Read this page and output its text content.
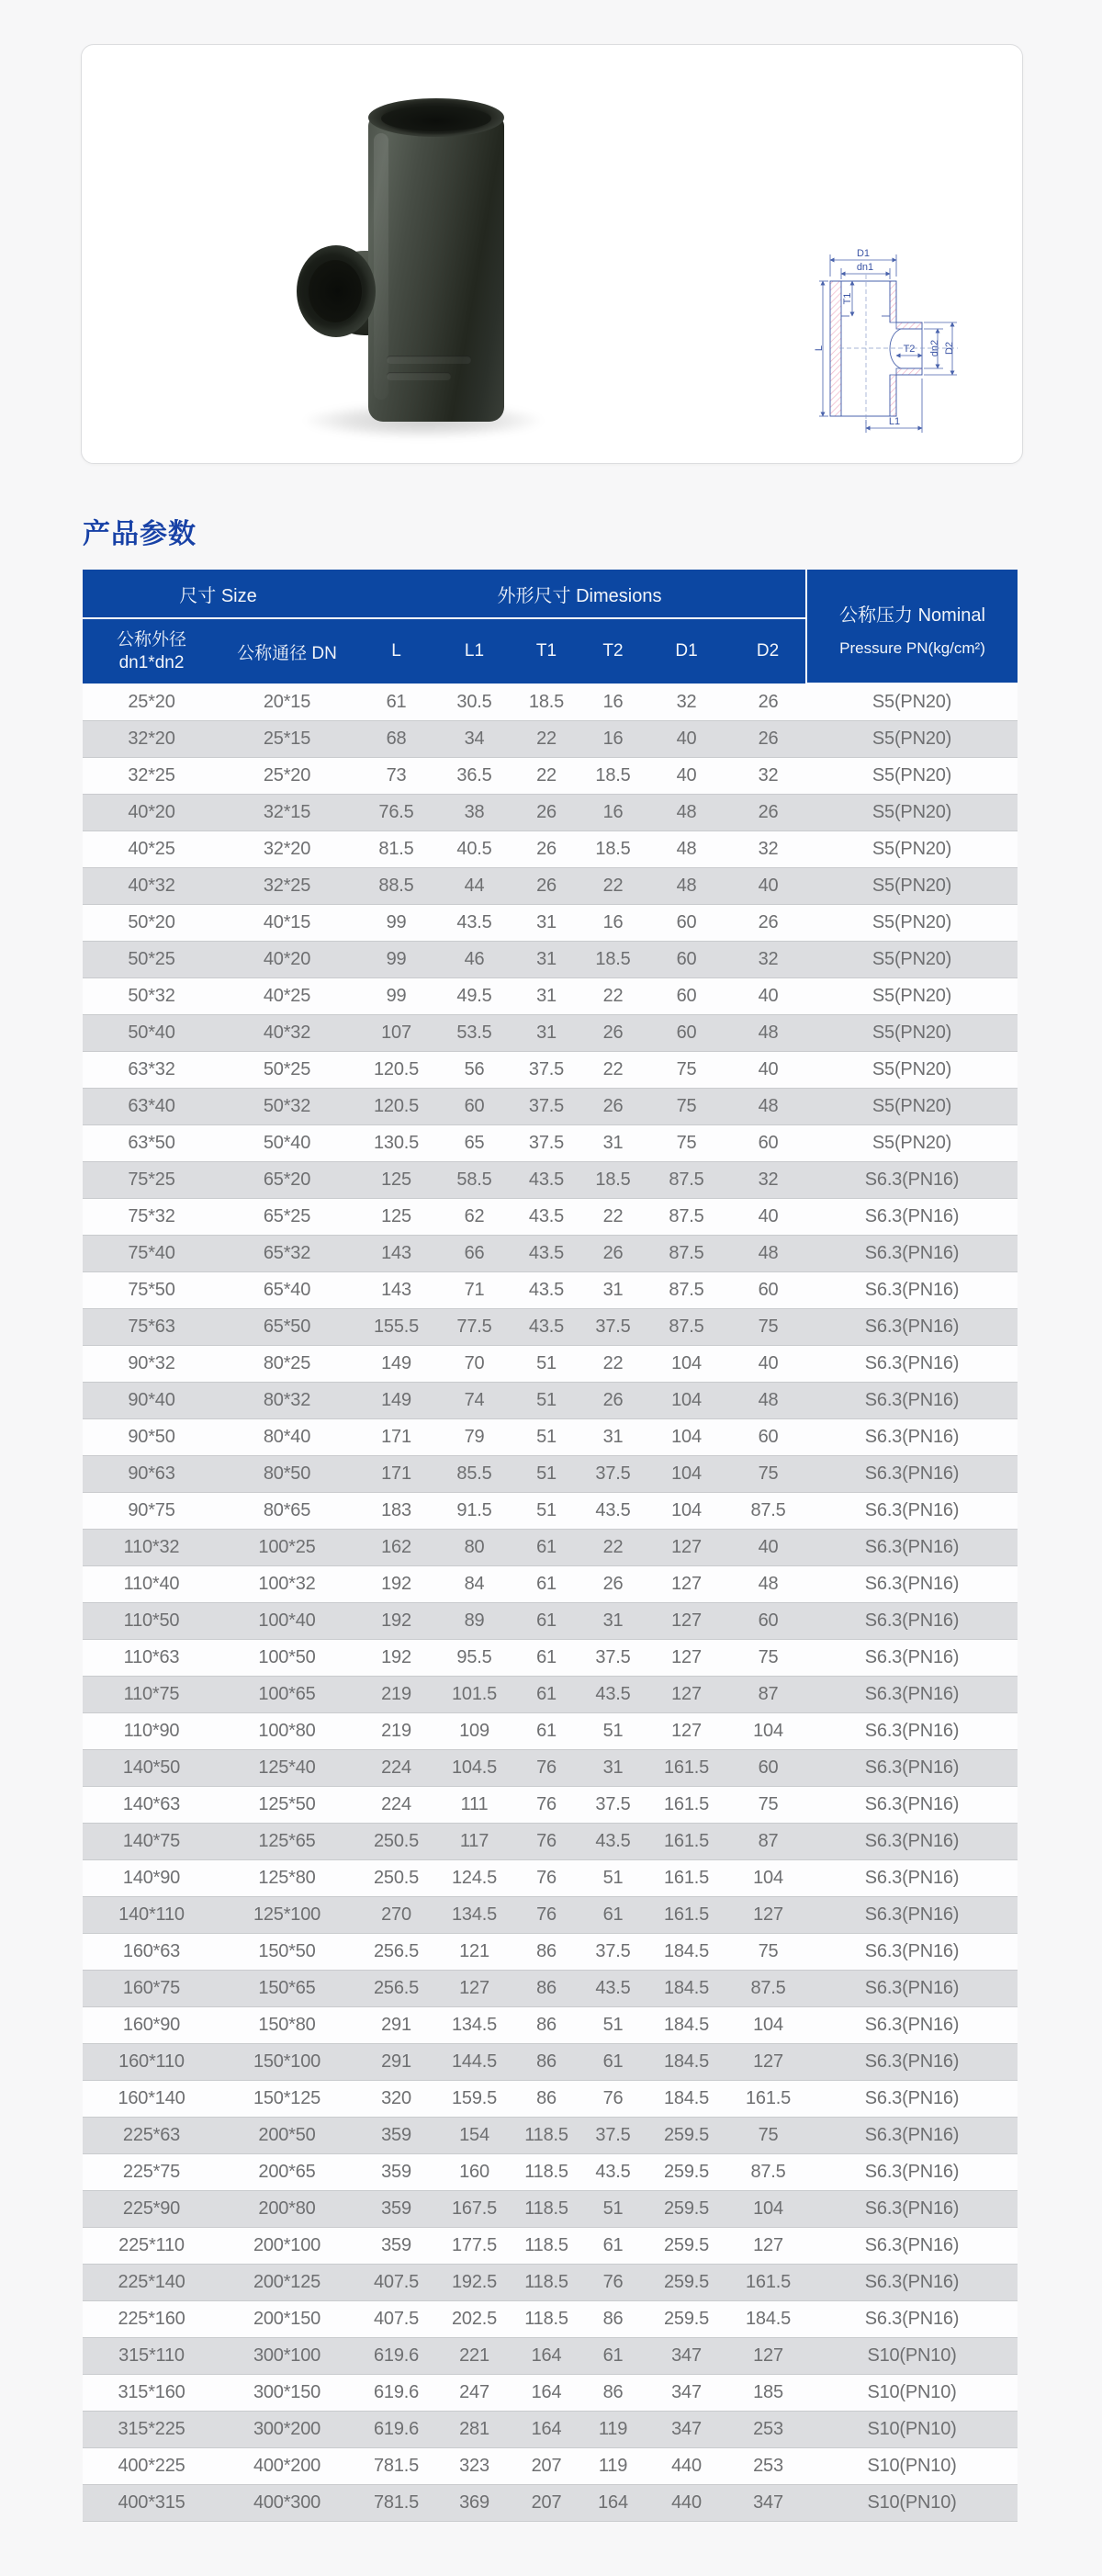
D1
dn1
T1
L	T2 dn2 D2
L1
产品参数
尺寸 Size		外形尺寸 Dimesions						公称压力 Nominal
Pressure PN(kg/cm²)

公称外径
dn1*dn2	公称通径 DN	L	L1	T1	T2	D1	D2	
25*20	20*15	61	30.5	18.5	16	32	26	S5(PN20)
32*20	25*15	68	34	22	16	40	26	S5(PN20)
32*25	25*20	73	36.5	22	18.5	40	32	S5(PN20)
40*20	32*15	76.5	38	26	16	48	26	S5(PN20)
40*25	32*20	81.5	40.5	26	18.5	48	32	S5(PN20)
40*32	32*25	88.5	44	26	22	48	40	S5(PN20)
50*20	40*15	99	43.5	31	16	60	26	S5(PN20)
50*25	40*20	99	46	31	18.5	60	32	S5(PN20)
50*32	40*25	99	49.5	31	22	60	40	S5(PN20)
50*40	40*32	107	53.5	31	26	60	48	S5(PN20)
63*32	50*25	120.5	56	37.5	22	75	40	S5(PN20)
63*40	50*32	120.5	60	37.5	26	75	48	S5(PN20)
63*50	50*40	130.5	65	37.5	31	75	60	S5(PN20)
75*25	65*20	125	58.5	43.5	18.5	87.5	32	S6.3(PN16)
75*32	65*25	125	62	43.5	22	87.5	40	S6.3(PN16)
75*40	65*32	143	66	43.5	26	87.5	48	S6.3(PN16)
75*50	65*40	143	71	43.5	31	87.5	60	S6.3(PN16)
75*63	65*50	155.5	77.5	43.5	37.5	87.5	75	S6.3(PN16)
90*32	80*25	149	70	51	22	104	40	S6.3(PN16)
90*40	80*32	149	74	51	26	104	48	S6.3(PN16)
90*50	80*40	171	79	51	31	104	60	S6.3(PN16)
90*63	80*50	171	85.5	51	37.5	104	75	S6.3(PN16)
90*75	80*65	183	91.5	51	43.5	104	87.5	S6.3(PN16)
110*32	100*25	162	80	61	22	127	40	S6.3(PN16)
110*40	100*32	192	84	61	26	127	48	S6.3(PN16)
110*50	100*40	192	89	61	31	127	60	S6.3(PN16)
110*63	100*50	192	95.5	61	37.5	127	75	S6.3(PN16)
110*75	100*65	219	101.5	61	43.5	127	87	S6.3(PN16)
110*90	100*80	219	109	61	51	127	104	S6.3(PN16)
140*50	125*40	224	104.5	76	31	161.5	60	S6.3(PN16)
140*63	125*50	224	111	76	37.5	161.5	75	S6.3(PN16)
140*75	125*65	250.5	117	76	43.5	161.5	87	S6.3(PN16)
140*90	125*80	250.5	124.5	76	51	161.5	104	S6.3(PN16)
140*110	125*100	270	134.5	76	61	161.5	127	S6.3(PN16)
160*63	150*50	256.5	121	86	37.5	184.5	75	S6.3(PN16)
160*75	150*65	256.5	127	86	43.5	184.5	87.5	S6.3(PN16)
160*90	150*80	291	134.5	86	51	184.5	104	S6.3(PN16)
160*110	150*100	291	144.5	86	61	184.5	127	S6.3(PN16)
160*140	150*125	320	159.5	86	76	184.5	161.5	S6.3(PN16)
225*63	200*50	359	154	118.5	37.5	259.5	75	S6.3(PN16)
225*75	200*65	359	160	118.5	43.5	259.5	87.5	S6.3(PN16)
225*90	200*80	359	167.5	118.5	51	259.5	104	S6.3(PN16)
225*110	200*100	359	177.5	118.5	61	259.5	127	S6.3(PN16)
225*140	200*125	407.5	192.5	118.5	76	259.5	161.5	S6.3(PN16)
225*160	200*150	407.5	202.5	118.5	86	259.5	184.5	S6.3(PN16)
315*110	300*100	619.6	221	164	61	347	127	S10(PN10)
315*160	300*150	619.6	247	164	86	347	185	S10(PN10)
315*225	300*200	619.6	281	164	119	347	253	S10(PN10)
400*225	400*200	781.5	323	207	119	440	253	S10(PN10)
400*315	400*300	781.5	369	207	164	440	347	S10(PN10)
